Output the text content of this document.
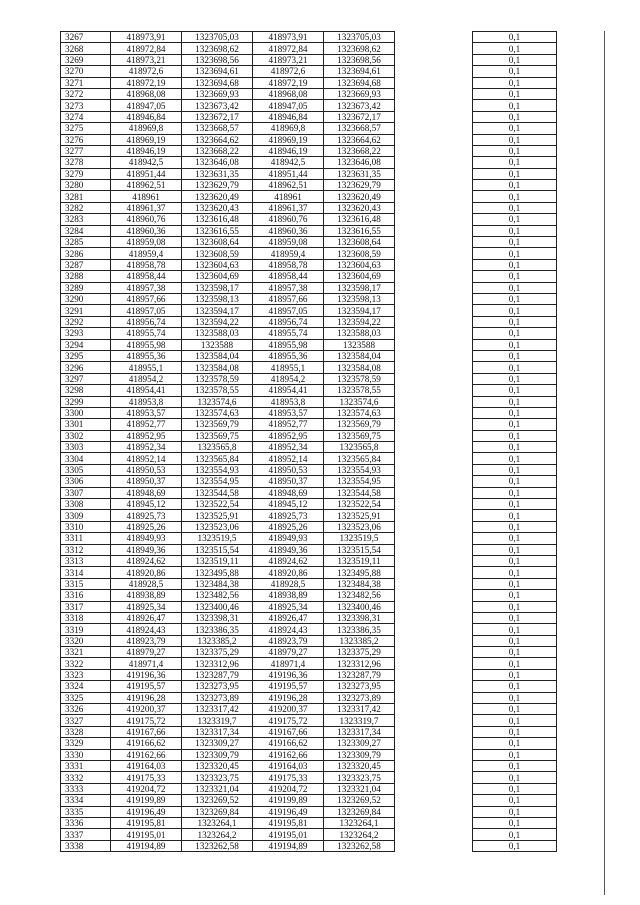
3267	418973,91	1323705,03	418973,91	1323705,03		0,1
3268	418972,84	1323698,62	418972,84	1323698,62		0,1
3269	418973,21	1323698,56	418973,21	1323698,56		0,1
3270	418972,6	1323694,61	418972,6	1323694,61		0,1
3271	418972,19	1323694,68	418972,19	1323694,68		0,1
3272	418968,08	1323669,93	418968,08	1323669,93		0,1
3273	418947,05	1323673,42	418947,05	1323673,42		0,1
3274	418946,84	1323672,17	418946,84	1323672,17		0,1
3275	418969,8	1323668,57	418969,8	1323668,57		0,1
3276	418969,19	1323664,62	418969,19	1323664,62		0,1
3277	418946,19	1323668,22	418946,19	1323668,22		0,1
3278	418942,5	1323646,08	418942,5	1323646,08		0,1
3279	418951,44	1323631,35	418951,44	1323631,35		0,1
3280	418962,51	1323629,79	418962,51	1323629,79		0,1
3281	418961	1323620,49	418961	1323620,49		0,1
3282	418961,37	1323620,43	418961,37	1323620,43		0,1
3283	418960,76	1323616,48	418960,76	1323616,48		0,1
3284	418960,36	1323616,55	418960,36	1323616,55		0,1
3285	418959,08	1323608,64	418959,08	1323608,64		0,1
3286	418959,4	1323608,59	418959,4	1323608,59		0,1
3287	418958,78	1323604,63	418958,78	1323604,63		0,1
3288	418958,44	1323604,69	418958,44	1323604,69		0,1
3289	418957,38	1323598,17	418957,38	1323598,17		0,1
3290	418957,66	1323598,13	418957,66	1323598,13		0,1
3291	418957,05	1323594,17	418957,05	1323594,17		0,1
3292	418956,74	1323594,22	418956,74	1323594,22		0,1
3293	418955,74	1323588,03	418955,74	1323588,03		0,1
3294	418955,98	1323588	418955,98	1323588		0,1
3295	418955,36	1323584,04	418955,36	1323584,04		0,1
3296	418955,1	1323584,08	418955,1	1323584,08		0,1
3297	418954,2	1323578,59	418954,2	1323578,59		0,1
3298	418954,41	1323578,55	418954,41	1323578,55		0,1
3299	418953,8	1323574,6	418953,8	1323574,6		0,1
3300	418953,57	1323574,63	418953,57	1323574,63		0,1
3301	418952,77	1323569,79	418952,77	1323569,79		0,1
3302	418952,95	1323569,75	418952,95	1323569,75		0,1
3303	418952,34	1323565,8	418952,34	1323565,8		0,1
3304	418952,14	1323565,84	418952,14	1323565,84		0,1
3305	418950,53	1323554,93	418950,53	1323554,93		0,1
3306	418950,37	1323554,95	418950,37	1323554,95		0,1
3307	418948,69	1323544,58	418948,69	1323544,58		0,1
3308	418945,12	1323522,54	418945,12	1323522,54		0,1
3309	418925,73	1323525,91	418925,73	1323525,91		0,1
3310	418925,26	1323523,06	418925,26	1323523,06		0,1
3311	418949,93	1323519,5	418949,93	1323519,5		0,1
3312	418949,36	1323515,54	418949,36	1323515,54		0,1
3313	418924,62	1323519,11	418924,62	1323519,11		0,1
3314	418920,86	1323495,88	418920,86	1323495,88		0,1
3315	418928,5	1323484,38	418928,5	1323484,38		0,1
3316	418938,89	1323482,56	418938,89	1323482,56		0,1
3317	418925,34	1323400,46	418925,34	1323400,46		0,1
3318	418926,47	1323398,31	418926,47	1323398,31		0,1
3319	418924,43	1323386,35	418924,43	1323386,35		0,1
3320	418923,79	1323385,2	418923,79	1323385,2		0,1
3321	418979,27	1323375,29	418979,27	1323375,29		0,1
3322	418971,4	1323312,96	418971,4	1323312,96		0,1
3323	419196,36	1323287,79	419196,36	1323287,79		0,1
3324	419195,57	1323273,95	419195,57	1323273,95		0,1
3325	419196,28	1323273,89	419196,28	1323273,89		0,1
3326	419200,37	1323317,42	419200,37	1323317,42		0,1
3327	419175,72	1323319,7	419175,72	1323319,7		0,1
3328	419167,66	1323317,34	419167,66	1323317,34		0,1
3329	419166,62	1323309,27	419166,62	1323309,27		0,1
3330	419162,66	1323309,79	419162,66	1323309,79		0,1
3331	419164,03	1323320,45	419164,03	1323320,45		0,1
3332	419175,33	1323323,75	419175,33	1323323,75		0,1
3333	419204,72	1323321,04	419204,72	1323321,04		0,1
3334	419199,89	1323269,52	419199,89	1323269,52		0,1
3335	419196,49	1323269,84	419196,49	1323269,84		0,1
3336	419195,81	1323264,1	419195,81	1323264,1		0,1
3337	419195,01	1323264,2	419195,01	1323264,2		0,1
3338	419194,89	1323262,58	419194,89	1323262,58		0,1
